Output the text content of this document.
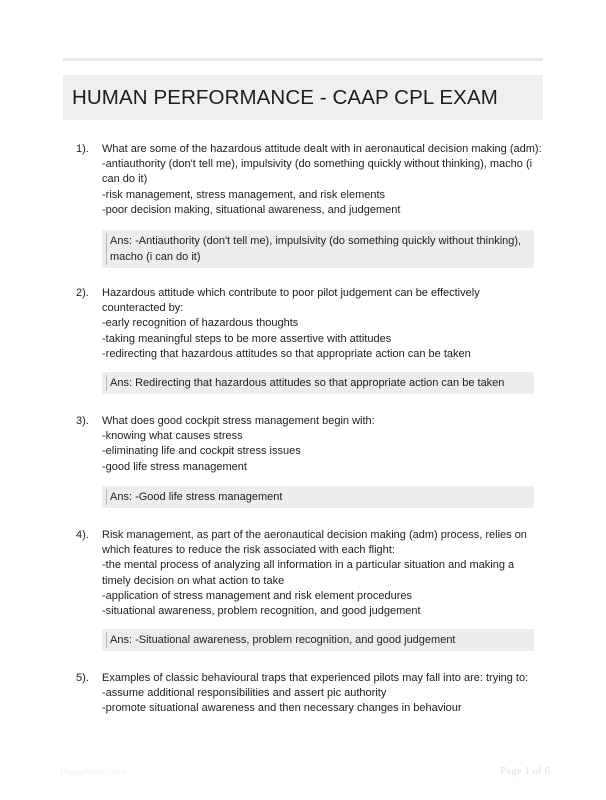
HUMAN PERFORMANCE - CAAP CPL EXAM
1). What are some of the hazardous attitude dealt with in aeronautical decision making (adm):
-antiauthority (don't tell me), impulsivity (do something quickly without thinking), macho (i
can do it)
-risk management, stress management, and risk elements
-poor decision making, situational awareness, and judgement
Ans: -Antiauthority (don't tell me), impulsivity (do something quickly without thinking),
macho (i can do it)
2). Hazardous attitude which contribute to poor pilot judgement can be effectively
counteracted by:
-early recognition of hazardous thoughts
-taking meaningful steps to be more assertive with attitudes
-redirecting that hazardous attitudes so that appropriate action can be taken
Ans: Redirecting that hazardous attitudes so that appropriate action can be taken
3). What does good cockpit stress management begin with:
-knowing what causes stress
-eliminating life and cockpit stress issues
-good life stress management
Ans: -Good life stress management
4). Risk management, as part of the aeronautical decision making (adm) process, relies on
which features to reduce the risk associated with each flight:
-the mental process of analyzing all information in a particular situation and making a
timely decision on what action to take
-application of stress management and risk element procedures
-situational awareness, problem recognition, and good judgement
Ans: -Situational awareness, problem recognition, and good judgement
5). Examples of classic behavioural traps that experienced pilots may fall into are: trying to:
-assume additional responsibilities and assert pic authority
-promote situational awareness and then necessary changes in behaviour
PaperMbic.com	Page 1 of 6
